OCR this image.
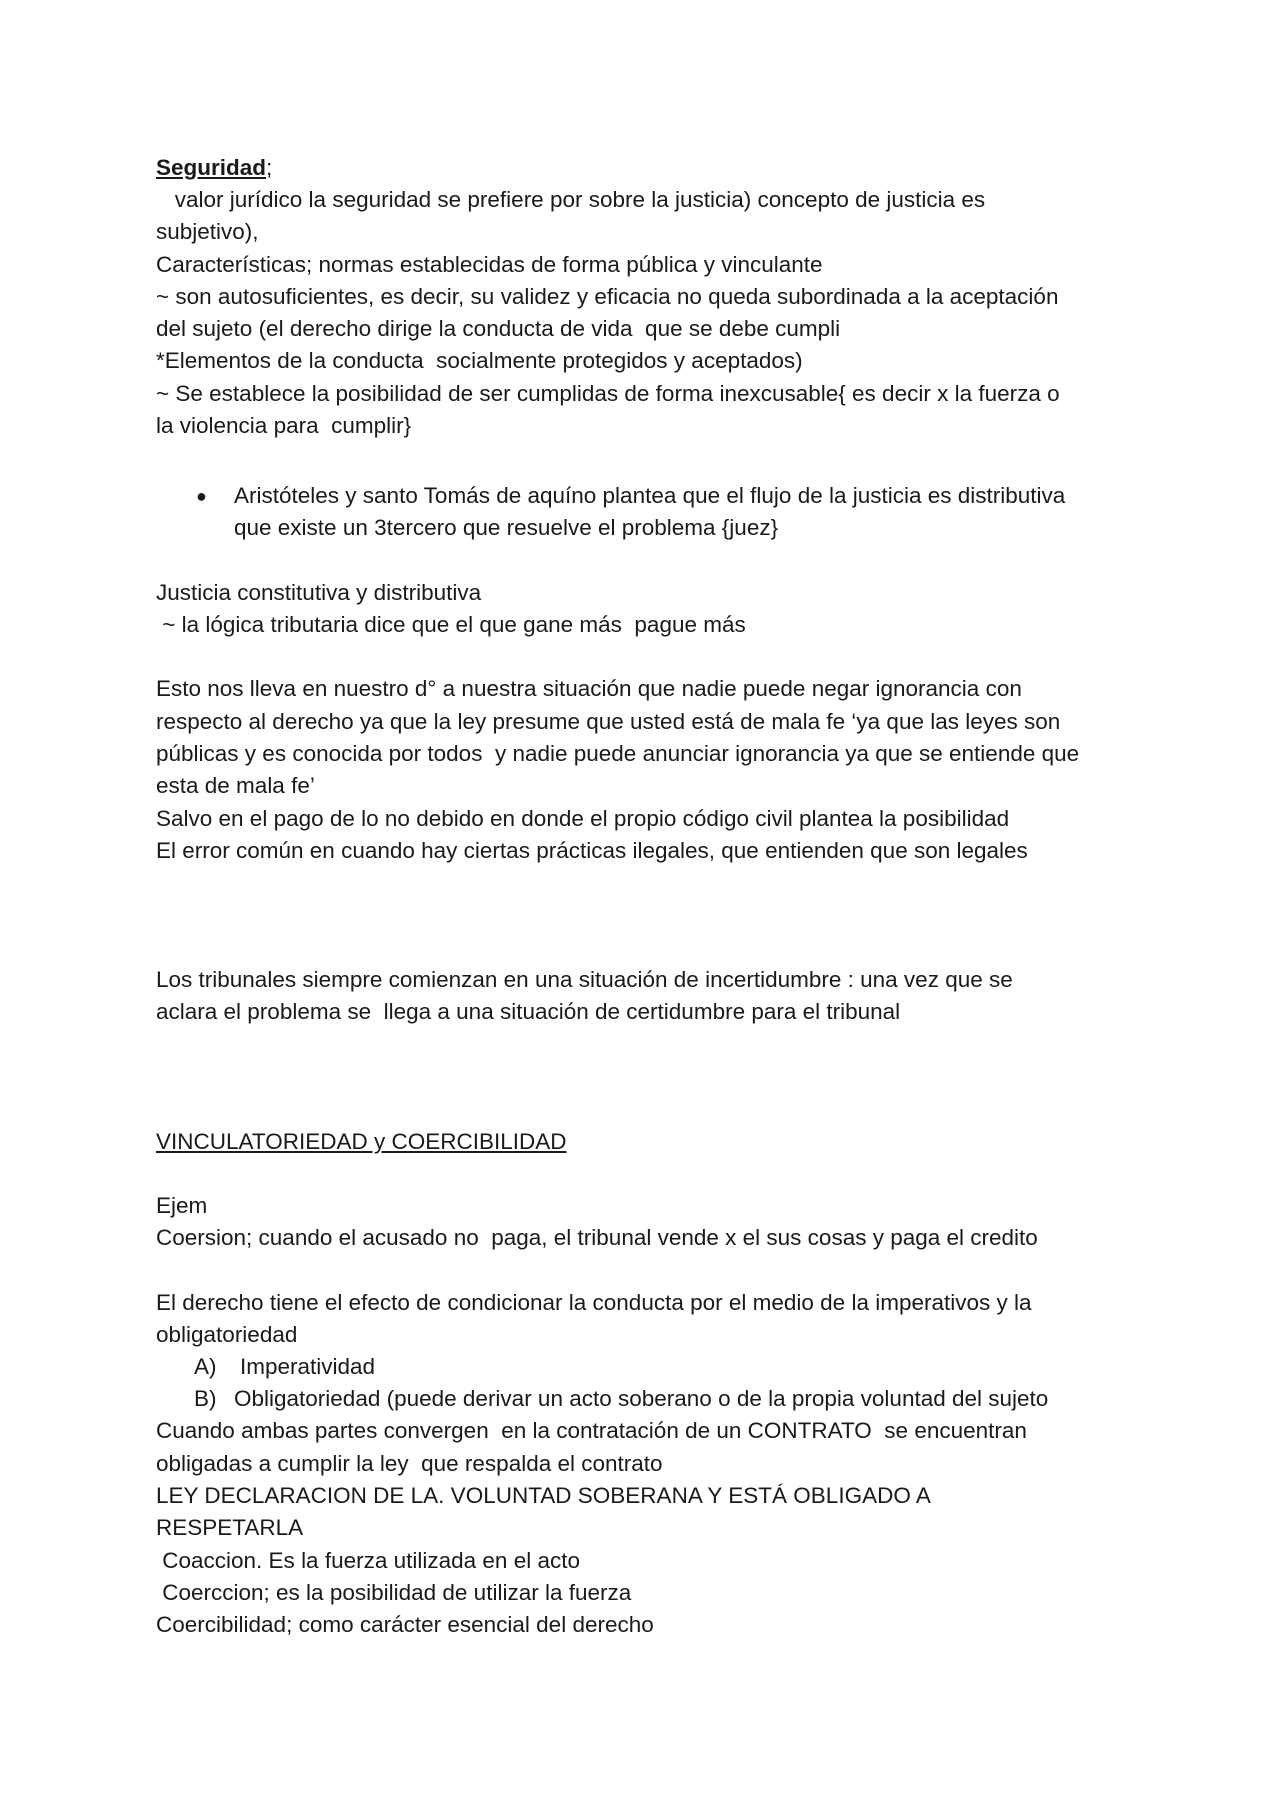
Seguridad;
valor jurídico la seguridad se prefiere por sobre la justicia) concepto de justicia es
subjetivo),
Características; normas establecidas de forma pública y vinculante
~ son autosuficientes, es decir, su validez y eficacia no queda subordinada a la aceptación
del sujeto (el derecho dirige la conducta de vida  que se debe cumpli
*Elementos de la conducta  socialmente protegidos y aceptados)
~ Se establece la posibilidad de ser cumplidas de forma inexcusable{ es decir x la fuerza o
la violencia para  cumplir}
● Aristóteles y santo Tomás de aquíno plantea que el flujo de la justicia es distributiva
que existe un 3tercero que resuelve el problema {juez}
Justicia constitutiva y distributiva
~ la lógica tributaria dice que el que gane más  pague más
Esto nos lleva en nuestro d° a nuestra situación que nadie puede negar ignorancia con
respecto al derecho ya que la ley presume que usted está de mala fe ‘ya que las leyes son
públicas y es conocida por todos  y nadie puede anunciar ignorancia ya que se entiende que
esta de mala fe’
Salvo en el pago de lo no debido en donde el propio código civil plantea la posibilidad
El error común en cuando hay ciertas prácticas ilegales, que entienden que son legales
Los tribunales siempre comienzan en una situación de incertidumbre : una vez que se
aclara el problema se  llega a una situación de certidumbre para el tribunal
VINCULATORIEDAD y COERCIBILIDAD
Ejem
Coersion; cuando el acusado no  paga, el tribunal vende x el sus cosas y paga el credito
El derecho tiene el efecto de condicionar la conducta por el medio de la imperativos y la
obligatoriedad
A) Imperatividad
B) Obligatoriedad (puede derivar un acto soberano o de la propia voluntad del sujeto
Cuando ambas partes convergen  en la contratación de un CONTRATO  se encuentran
obligadas a cumplir la ley  que respalda el contrato
LEY DECLARACION DE LA. VOLUNTAD SOBERANA Y ESTÁ OBLIGADO A
RESPETARLA
Coaccion. Es la fuerza utilizada en el acto
Coerccion; es la posibilidad de utilizar la fuerza
Coercibilidad; como carácter esencial del derecho
